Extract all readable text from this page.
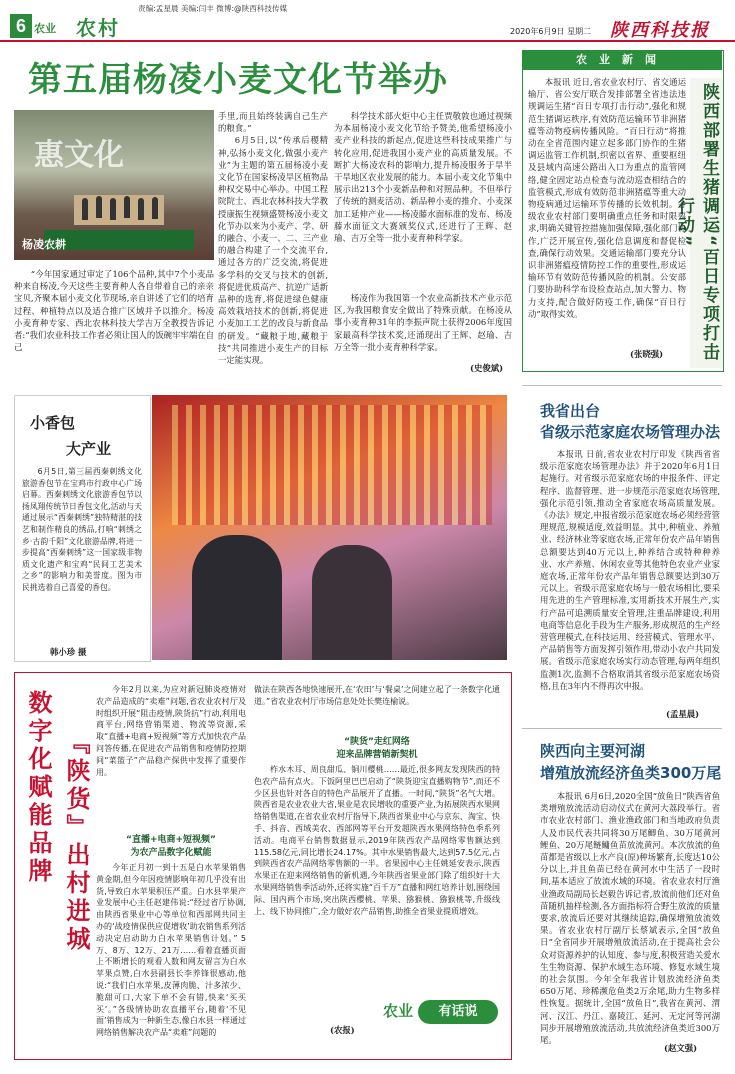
6 农业 农村
责编:孟星晨 美编:闫丰 微博:@陕西科技传媒
2020年6月9日 星期二 陕西科技报
第五届杨凌小麦文化节举办
杨凌农耕
惠文化

“今年国家通过审定了106个品种,其中7个小麦品种来自杨凌,今天这些主要育种人各自带着自己的亲亲宝贝,齐聚本届小麦文化节现场,亲自讲述了它们的培育过程、种植特点以及适合推广区域并予以推介。杨凌小麦育种专家、西北农林科技大学吉万全教授告诉记者:“我们农业科技工作者必须让国人的饭碗牢牢端在自己

手里,而且始终装满自己生产的粮食。”

6月5日,以“传承后稷精神,弘扬小麦文化,做强小麦产业”为主题的第五届杨凌小麦文化节在国家杨凌旱区植物品种权交易中心举办。中国工程院院士、西北农林科技大学教授康振生视频盛赞杨凌小麦文化节办以来为小麦产、学、研的融合、小麦一、二、三产业的融合构建了一个交流平台,通过各方的广泛交流,将促进多学科的交叉与技术的创新,将促进优质高产、抗逆广适新品种的选育,将促进绿色健康高效栽培技术的创新,将促进小麦加工工艺的改良与新食品的研发。“藏粮于地,藏粮于技”共同推进小麦生产的目标一定能实现。

科学技术部火炬中心主任贾敬敦也通过视频为本届杨凌小麦文化节给予赞美,他希望杨凌小麦产业科技的新起点,促进这些科技成果推广与转化应用,促进我国小麦产业的高质量发展。不断扩大杨凌农科的影响力,提升杨凌服务于旱半干旱地区农业发展的能力。本届小麦文化节集中展示出213个小麦新品种和对照品种。不但举行了传统的测麦活动、新品种小麦的推介、小麦深加工延伸产业——杨凌藤水面标准的发布、杨凌藤水面征文大赛颁奖仪式,还进行了王辉、赵瑜、吉万全等一批小麦育种科学家。

杨凌作为我国第一个农业高新技术产业示范区,为我国粮食安全做出了特殊贡献。在杨凌从事小麦育种31年的李振声院士获得2006年度国家最高科学技术奖,还涌现出了王辉、赵瑜、吉万全等一批小麦育种科学家。

(史俊斌)
农业新闻
陕西部署生猪调运“百日专项打击行动”

本报讯 近日,省农业农村厅、省交通运输厅、省公安厅联合发排部署全省违法违规调运生猪“百日专项打击行动”,强化和规范生猪调运秩序,有效防范运输环节非洲猪瘟等动物疫病传播风险。“百日行动”将推动在全省范围内建立起多部门协作的生猪调运监管工作机制,织密以省界、重要枢纽及县域内高速公路出入口为重点的监管网络,健全固定站点检查与流动巡查相结合的监管模式,形成有效防范非洲猪瘟等重大动物疫病通过运输环节传播的长效机制。各级农业农村部门要明确重点任务和时限要求,明确关键管控措施加强保障,强化部门协作,广泛开展宣传,强化信息调度和督促检查,确保行动效果。交通运输部门要充分认识非洲猪瘟疫情防控工作的重要性,形成运输环节有效防范传播风险的机制。公安部门要协助科学布设检查站点,加大警力、物力支持,配合做好防疫工作,确保“百日行动”取得实效。

(张晓强)
小香包
大产业

6月5日,第三届西秦刺绣文化旅游香包节在宝鸡市行政中心广场启幕。西秦刺绣文化旅游香包节以扬凤翔传统节日香包文化,活动与天通过展示“西秦刺绣”独特精湛的技艺和制作精良的绣品,打响“刺绣之乡·古韵千阳”文化旅游品牌,将进一步提高“西秦刺绣”这一国家级非物质文化遗产和宝鸡“民间工艺美术之乡”的影响力和美誉度。图为市民挑选着自己喜爱的香包。

韩小珍 摄
我省出台
省级示范家庭农场管理办法

本报讯 日前,省农业农村厅印发《陕西省省级示范家庭农场管理办法》并于2020年6月1日起施行。对省级示范家庭农场的申报条件、评定程序、监督管理、进一步规范示范家庭农场管理,强化示范引领,推动全省家庭农场高质量发展。《办法》规定,申报省级示范家庭农场必须经营管理规范,规模适度,效益明显。其中,种植业、养殖业、经济林业等家庭农场,正常年份农产品年销售总额要达到40万元以上,种养结合或特种种养业、水产养殖、休闲农业等其他特色农业产业家庭农场,正常年份农产品年销售总额要达到30万元以上。省级示范家庭农场与一般农场相比,要采用先进的生产管理标准,实用新技术开展生产,实行产品可追溯质量安全管理,注重品牌建设,利用电商等信息化手段为生产服务,形成规范的生产经营管理模式,在科技运用、经营模式、管理水平、产品销售等方面发挥引领作用,带动小农户共同发展。省级示范家庭农场实行动态管理,每两年组织监测1次,监测不合格取消其省级示范家庭农场资格,且在3年内不得再次申报。

(孟星晨)
陕西向主要河湖
增殖放流经济鱼类300万尾

本报讯 6月6日,2020全国“放鱼日”陕西省鱼类增殖放流活动启动仪式在黄河大荔段举行。省市农业农村部门、渔业渔政部门和当地政府负责人及市民代表共同将30万尾鲫鱼、30万尾黄河鲤鱼、20万尾鲢鳙鱼苗放流黄河。本次放流的鱼苗都是省级以上水产良(原)种场繁育,长度达10公分以上,并且鱼苗已经在黄河水中生活了一段时间,基本适应了放流水域的环境。省农业农村厅渔业渔政局副局长赵毅告诉记者,放流前他们还对鱼苗随机抽样检测,各方面指标符合野生放流的质量要求,放流后还要对其继续追踪,确保增殖放流效果。省农业农村厅副厅长蔡斌表示,全国“放鱼日”全省同步开展增殖放流活动,在于提高社会公众对资源养护的认知度、参与度,积极营造关爱水生生物资源、保护水域生态环境、修复水域生境的社会氛围。今年全年我省计划放流经济鱼类650万尾、珍稀濒危鱼类2万余尾,助力生物多样性恢复。据统计,全国“放鱼日”,我省在黄河、渭河、汉江、丹江、嘉陵江、延河、无定河等河湖同步开展增殖放流活动,共放流经济鱼类近300万尾。

(赵文强)
数字化赋能品牌 『陕货』出村进城

今年2月以来,为应对新冠肺炎疫情对农产品造成的“卖难”问题,省农业农村厅及时组织开展“阻击疫情,陕货抗”行动,利用电商平台,网络营销渠道、物流等资源,采取“直播+电商+短视频”等方式加快农产品问答传播,在促进农产品销售和疫情防控期间“菜篮子”产品稳产保供中发挥了重要作用。

“直播+电商+短视频”
为农产品数字化赋能

今年正月初一到十五是白水苹果销售黄金期,但今年因疫情影响年初几乎没有出货,导致白水苹果积压严重。白水县苹果产业发展中心主任赵建伟说:“经过省厅协调,由陕西省果业中心等单位和西部网共同主办的‘战疫情保供应促增收’助农销售系列活动决定启动助力白水苹果销售计划。” 5万、8万、12万、21万……看着直播页面上不断增长的观看人数和网友留言为白水苹果点赞,白水县副县长李养锋很感动,他说:“我们白水苹果,皮薄肉脆、汁多浓少、脆甜可口,大家下单不会有错,快来‘买买买’。”各级情协助农直播平台,随着‘不见面’销售成为一种新生态,像白水县一样通过网络销售解决农产品“卖难”问题的

做法在陕西各地快速展开,在‘农田’与‘餐桌’之间建立起了一条数字化通道。”省农业农村厅市场信息处处长樊连榆说。

“陕货”走红网络
迎来品牌营销新契机

柞水木耳、周良甜瓜、铜川樱桃……最近,很多网友发现陕西的特色农产品有点火。下饭阿里巴巴启动了“陕货迎宝直播购物节”,而还不少区县也针对各自的特色产品展开了直播。一时间,“陕货”名气大增。陕西省是农业农业大省,果业是农民增收的重要产业,为拓展陕西水果网络销售渠道,在省农业农村厅指导下,陕西省果业中心与京东、淘宝、快手、抖音、西域美农、西部网等平台开发超陕西水果网络特色季系列活动。电商平台销售数据显示,2019年陕西农产品网络零售额达到115.58亿元,同比增长24.17%。其中水果销售最大,达到57.5亿元,占到陕西省农产品网络零售额的一半。省果园中心主任姚延安表示,陕西水果正在迎来网络销售的新机遇,今年陕西省果业部门除了组织好十大水果网络销售季活动外,还将实施“百千万”直播和网红培养计划,围绕国际、国内两个市场,突出陕西樱桃、苹果、猕猴桃、猕猴桃等,升级线上、线下协同推广,全力做好农产品销售,助推全省果业提质增效。

(农报)
农业	有话说
